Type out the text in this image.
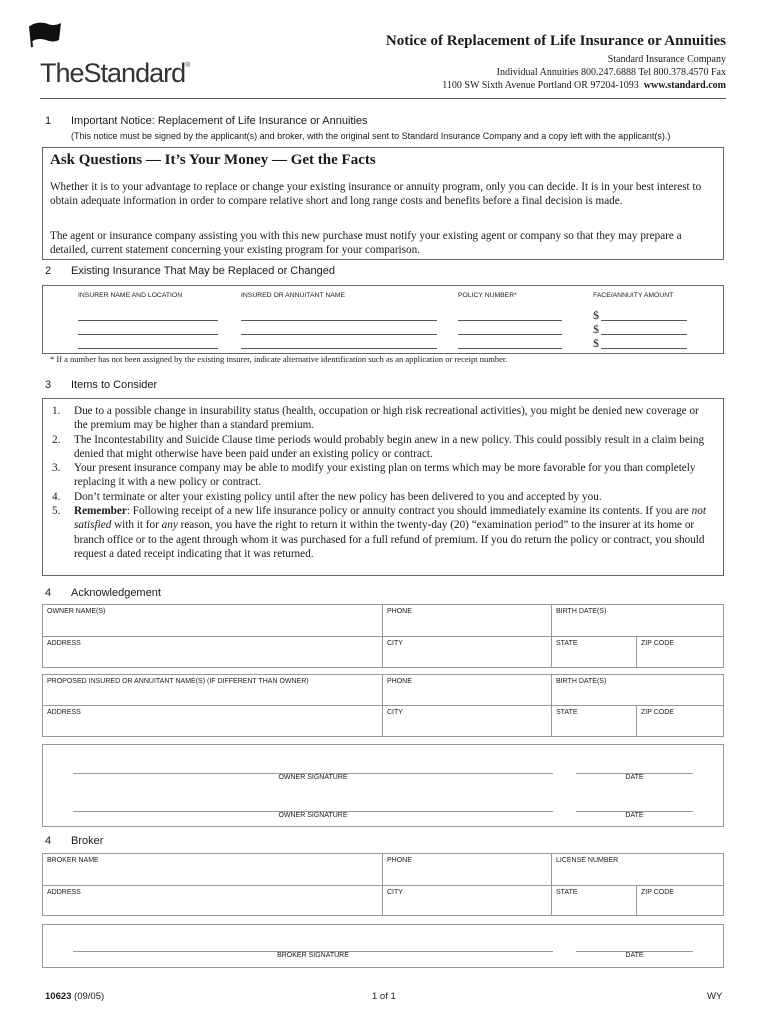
TheStandard®
Notice of Replacement of Life Insurance or Annuities
Standard Insurance Company
Individual Annuities 800.247.6888 Tel 800.378.4570 Fax
1100 SW Sixth Avenue Portland OR 97204-1093 www.standard.com
1 Important Notice: Replacement of Life Insurance or Annuities
(This notice must be signed by the applicant(s) and broker, with the original sent to Standard Insurance Company and a copy left with the applicant(s).)
Ask Questions — It’s Your Money — Get the Facts
Whether it is to your advantage to replace or change your existing insurance or annuity program, only you can decide. It is in your best interest to obtain adequate information in order to compare relative short and long range costs and benefits before a final decision is made.
The agent or insurance company assisting you with this new purchase must notify your existing agent or company so that they may prepare a detailed, current statement concerning your existing program for your comparison.
2 Existing Insurance That May be Replaced or Changed
INSURER NAME AND LOCATION	INSURED OR ANNUITANT NAME	POLICY NUMBER*	FACE/ANNUITY AMOUNT
$
$
$
* If a number has not been assigned by the existing insurer, indicate alternative identification such as an application or receipt number.
3 Items to Consider
1.	Due to a possible change in insurability status (health, occupation or high risk recreational activities), you might be denied new coverage or the premium may be higher than a standard premium.
2.	The Incontestability and Suicide Clause time periods would probably begin anew in a new policy. This could possibly result in a claim being denied that might otherwise have been paid under an existing policy or contract.
3.	Your present insurance company may be able to modify your existing plan on terms which may be more favorable for you than completely replacing it with a new policy or contract.
4.	Don’t terminate or alter your existing policy until after the new policy has been delivered to you and accepted by you.
5.	Remember: Following receipt of a new life insurance policy or annuity contract you should immediately examine its contents. If you are not satisfied with it for any reason, you have the right to return it within the twenty-day (20) “examination period” to the insurer at its home or branch office or to the agent through whom it was purchased for a full refund of premium. If you do return the policy or contract, you should request a dated receipt indicating that it was returned.
4 Acknowledgement
OWNER NAME(S)	PHONE	BIRTH DATE(S)
ADDRESS	CITY	STATE	ZIP CODE
PROPOSED INSURED OR ANNUITANT NAME(S) (IF DIFFERENT THAN OWNER)	PHONE	BIRTH DATE(S)
ADDRESS	CITY	STATE	ZIP CODE
OWNER SIGNATURE	DATE
OWNER SIGNATURE	DATE
4 Broker
BROKER NAME	PHONE	LICENSE NUMBER
ADDRESS	CITY	STATE	ZIP CODE
BROKER SIGNATURE	DATE
10623 (09/05)	1 of 1	WY
